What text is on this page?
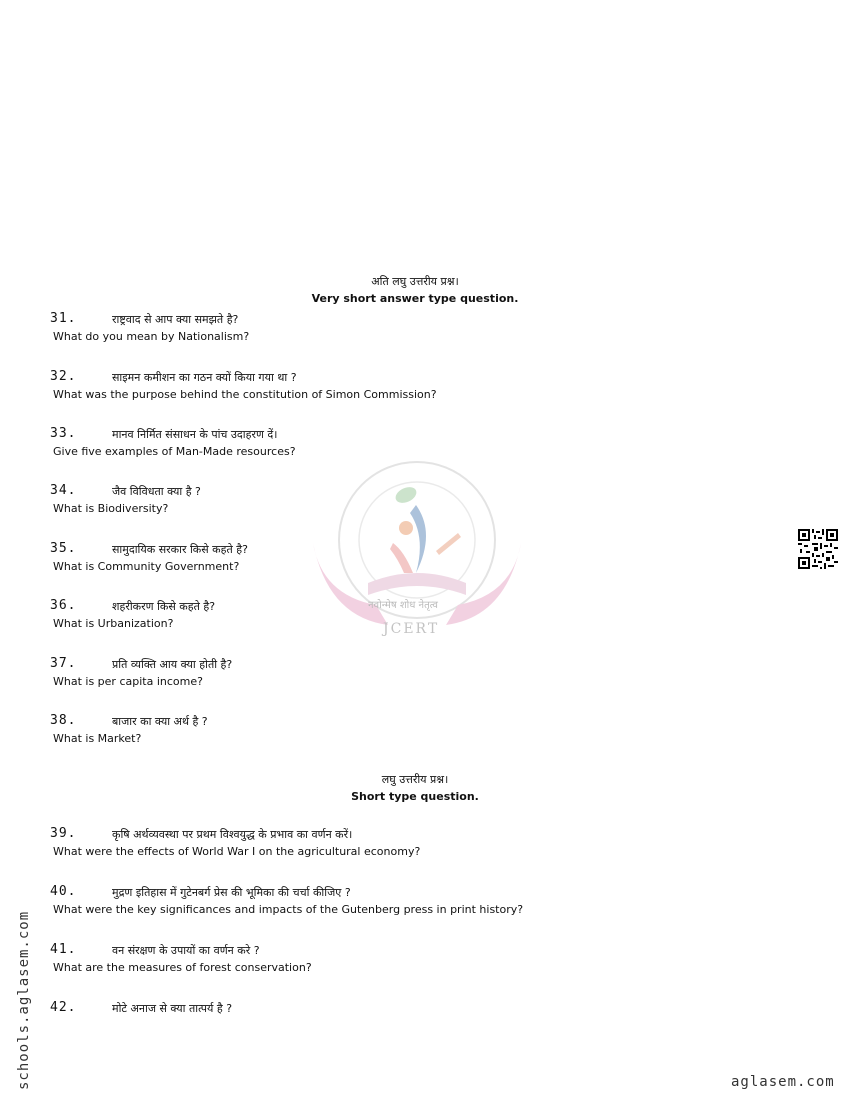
अति लघु उत्तरीय प्रश्न।
Very short answer type question.
नवोन्मेष शोध नेतृत्व
JCERT
31.	राष्ट्रवाद से आप क्या समझते है?
What do you mean by Nationalism?
32.	साइमन कमीशन का गठन क्यों किया गया था ?
What was the purpose behind the constitution of Simon Commission?
33.	मानव निर्मित संसाधन के पांच उदाहरण दें।
Give five examples of Man-Made resources?
34.	जैव विविधता क्या है ?
What is Biodiversity?
35.	सामुदायिक सरकार किसे कहते है?
What is Community Government?
36.	शहरीकरण किसे कहते है?
What is Urbanization?
37.	प्रति व्यक्ति आय क्या होती है?
What is per capita income?
38.	बाजार का क्या अर्थ है ?
What is Market?
लघु उत्तरीय प्रश्न।
Short type question.
39.	कृषि अर्थव्यवस्था पर प्रथम विश्वयुद्ध के प्रभाव का वर्णन करें।
What were the effects of World War I on the agricultural economy?
40.	मुद्रण इतिहास में गुटेनबर्ग प्रेस की भूमिका की चर्चा कीजिए ?
What were the key significances and impacts of the Gutenberg press in print history?
41.	वन संरक्षण के उपायों का वर्णन करे ?
What are the measures of forest conservation?
42.	मोटे अनाज से क्या तात्पर्य है ?
schools.aglasem.com	aglasem.com
